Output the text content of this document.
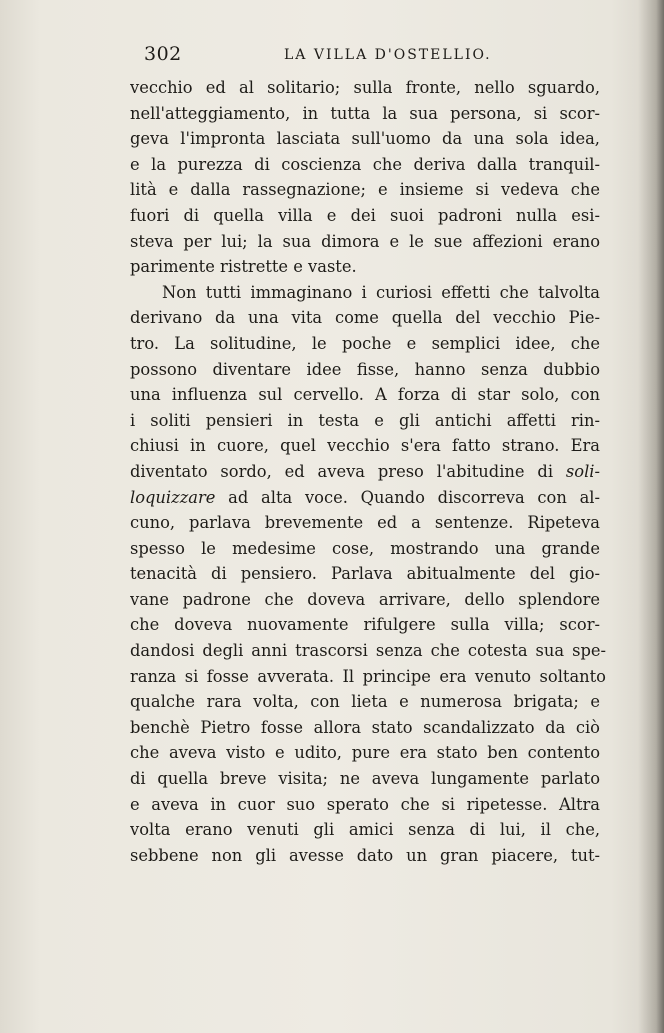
302	LA VILLA D'OSTELLIO.
vecchio ed al solitario; sulla fronte, nello sguardo,
nell'atteggiamento, in tutta la sua persona, si scor-
geva l'impronta lasciata sull'uomo da una sola idea,
e la purezza di coscienza che deriva dalla tranquil-
lità e dalla rassegnazione; e insieme si vedeva che
fuori di quella villa e dei suoi padroni nulla esi-
steva per lui; la sua dimora e le sue affezioni erano
parimente ristrette e vaste.
Non tutti immaginano i curiosi effetti che talvolta
derivano da una vita come quella del vecchio Pie-
tro. La solitudine, le poche e semplici idee, che
possono diventare idee fisse, hanno senza dubbio
una influenza sul cervello. A forza di star solo, con
i soliti pensieri in testa e gli antichi affetti rin-
chiusi in cuore, quel vecchio s'era fatto strano. Era
diventato sordo, ed aveva preso l'abitudine di soli-
loquizzare ad alta voce. Quando discorreva con al-
cuno, parlava brevemente ed a sentenze. Ripeteva
spesso le medesime cose, mostrando una grande
tenacità di pensiero. Parlava abitualmente del gio-
vane padrone che doveva arrivare, dello splendore
che doveva nuovamente rifulgere sulla villa; scor-
dandosi degli anni trascorsi senza che cotesta sua spe-
ranza si fosse avverata. Il principe era venuto soltanto
qualche rara volta, con lieta e numerosa brigata; e
benchè Pietro fosse allora stato scandalizzato da ciò
che aveva visto e udito, pure era stato ben contento
di quella breve visita; ne aveva lungamente parlato
e aveva in cuor suo sperato che si ripetesse. Altra
volta erano venuti gli amici senza di lui, il che,
sebbene non gli avesse dato un gran piacere, tut-
